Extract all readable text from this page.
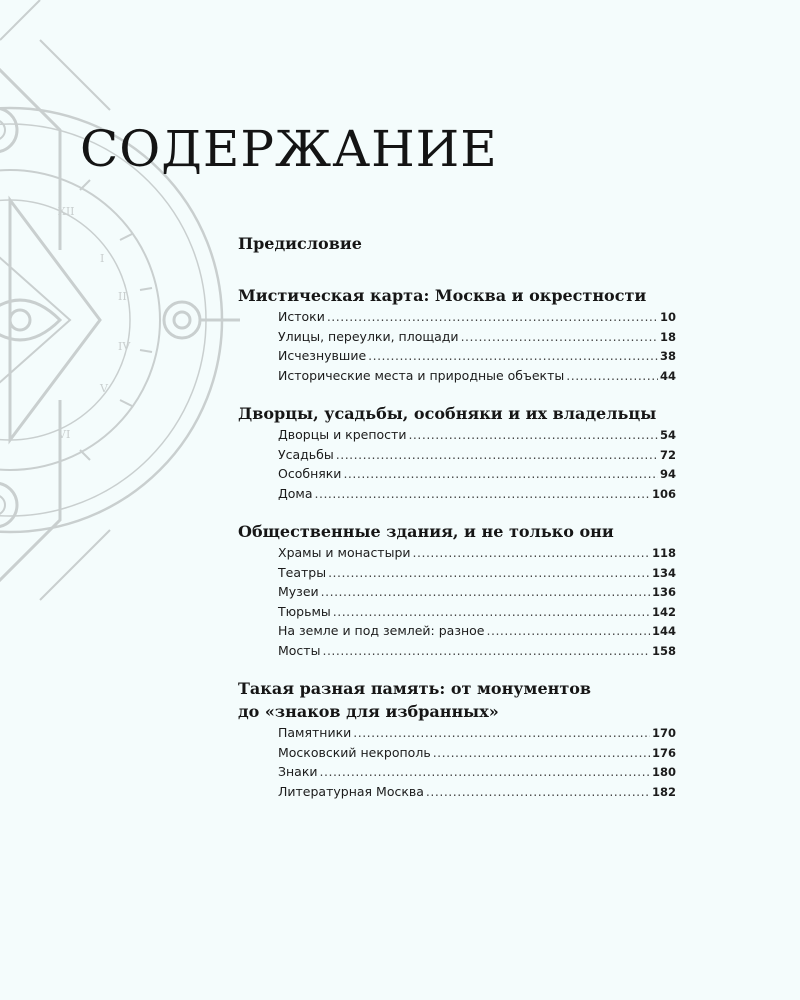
XII
I
II
IV
V
VI
СОДЕРЖАНИЕ
Предисловие
Мистическая карта: Москва и окрестности
Истоки .....	10
Улицы, переулки, площади .....	18
Исчезнувшие .....	38
Исторические места и природные объекты .....	44
Дворцы, усадьбы, особняки и их владельцы
Дворцы и крепости .....	54
Усадьбы .....	72
Особняки .....	94
Дома .....	106
Общественные здания, и не только они
Храмы и монастыри .....	118
Театры .....	134
Музеи .....	136
Тюрьмы .....	142
На земле и под землей: разное .....	144
Мосты .....	158
Такая разная память: от монументов
до «знаков для избранных»
Памятники .....	170
Московский некрополь .....	176
Знаки .....	180
Литературная Москва .....	182
